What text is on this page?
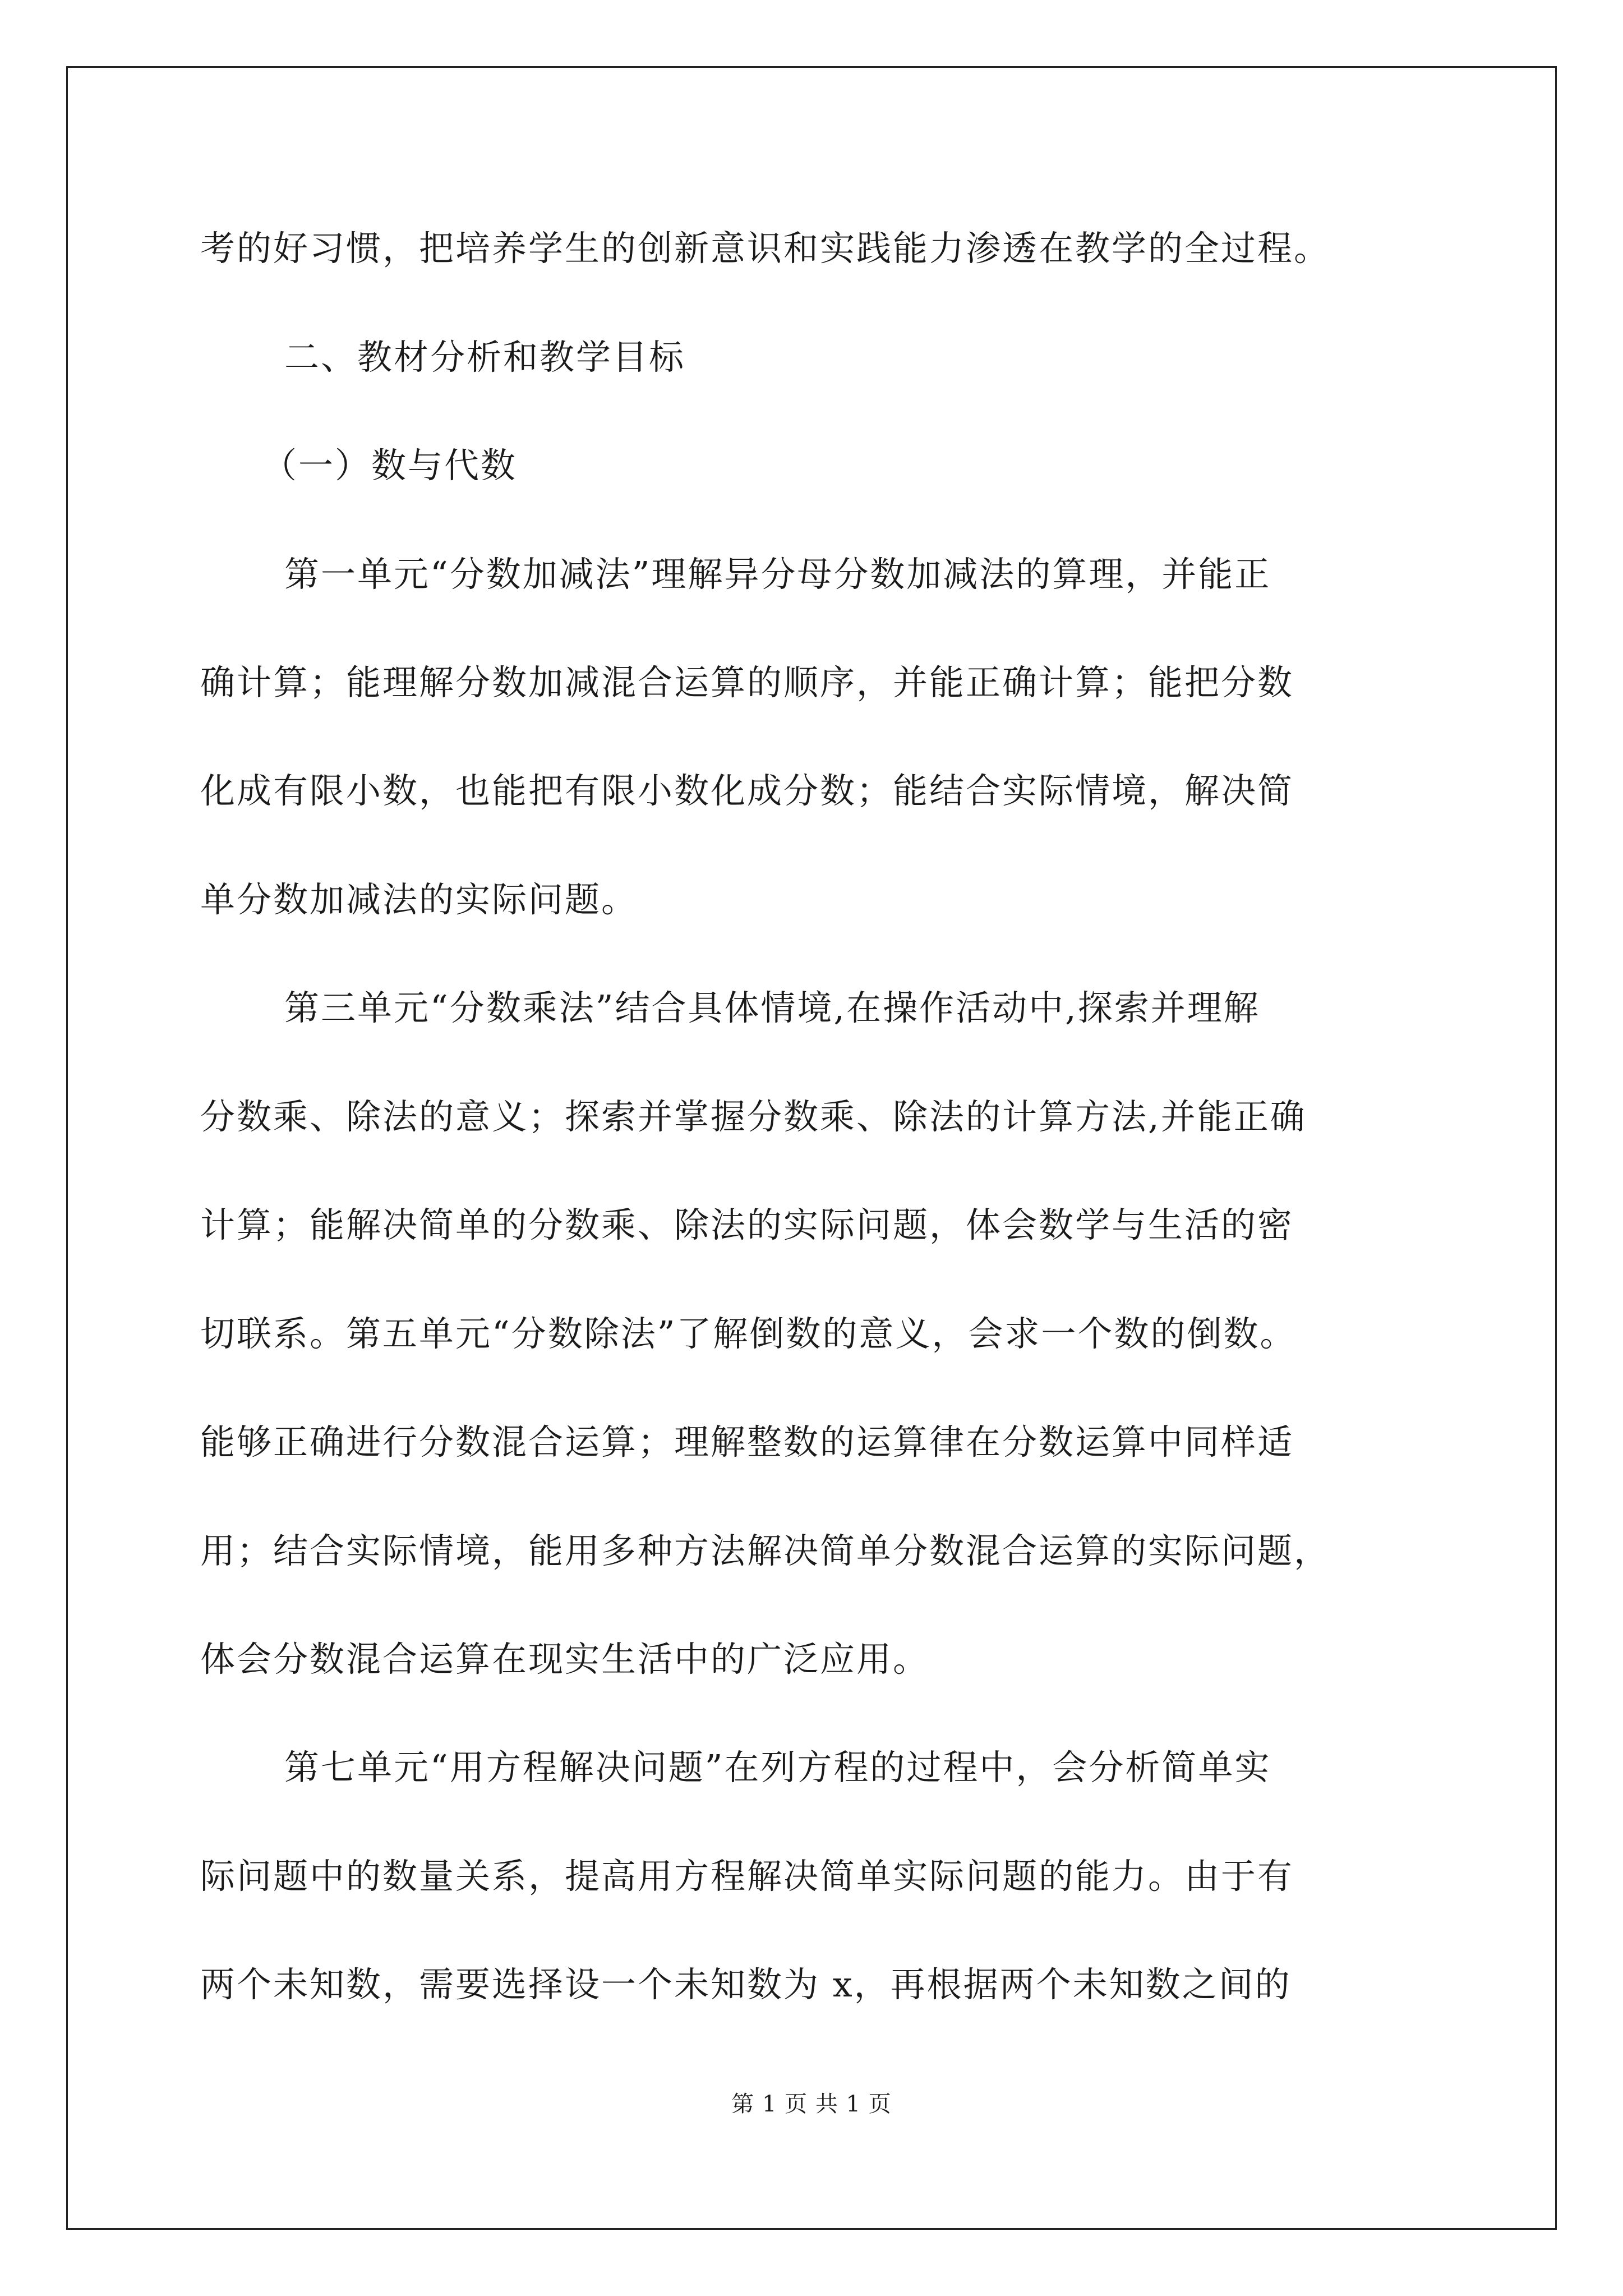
考的好习惯，把培养学生的创新意识和实践能力渗透在教学的全过程。
二、教材分析和教学目标
（一）数与代数
第一单元“分数加减法”理解异分母分数加减法的算理，并能正
确计算；能理解分数加减混合运算的顺序，并能正确计算；能把分数
化成有限小数，也能把有限小数化成分数；能结合实际情境，解决简
单分数加减法的实际问题。
第三单元“分数乘法”结合具体情境,在操作活动中,探索并理解
分数乘、除法的意义；探索并掌握分数乘、除法的计算方法,并能正确
计算；能解决简单的分数乘、除法的实际问题，体会数学与生活的密
切联系。第五单元“分数除法”了解倒数的意义，会求一个数的倒数。
能够正确进行分数混合运算；理解整数的运算律在分数运算中同样适
用；结合实际情境，能用多种方法解决简单分数混合运算的实际问题，
体会分数混合运算在现实生活中的广泛应用。
第七单元“用方程解决问题”在列方程的过程中，会分析简单实
际问题中的数量关系，提高用方程解决简单实际问题的能力。由于有
两个未知数，需要选择设一个未知数为 x，再根据两个未知数之间的
第 1 页 共 1 页
